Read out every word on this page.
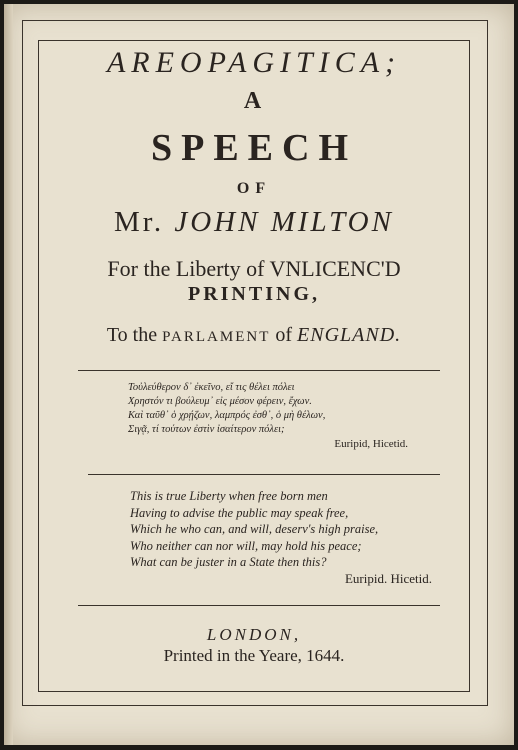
AREOPAGITICA;
A
SPEECH
OF
Mr. JOHN MILTON
For the Liberty of VNLICENC'D
PRINTING,
To the PARLAMENT of ENGLAND.
Τοὐλεύθερον δ᾽ ἐκεῖνο, εἴ τις θέλει πόλει
Χρηστόν τι βούλευμ᾽ εἰς μέσον φέρειν, ἔχων.
Καὶ ταῦθ᾽ ὁ χρῄζων, λαμπρός ἐσθ᾽, ὁ μὴ θέλων,
Σιγᾷ, τί τούτων ἐστὶν ἰσαίτερον πόλει;
Euripid, Hicetid.
This is true Liberty when free born men
Having to advise the public may speak free,
Which he who can, and will, deserv's high praise,
Who neither can nor will, may hold his peace;
What can be juster in a State then this?
Euripid. Hicetid.
LONDON,
Printed in the Yeare, 1644.
